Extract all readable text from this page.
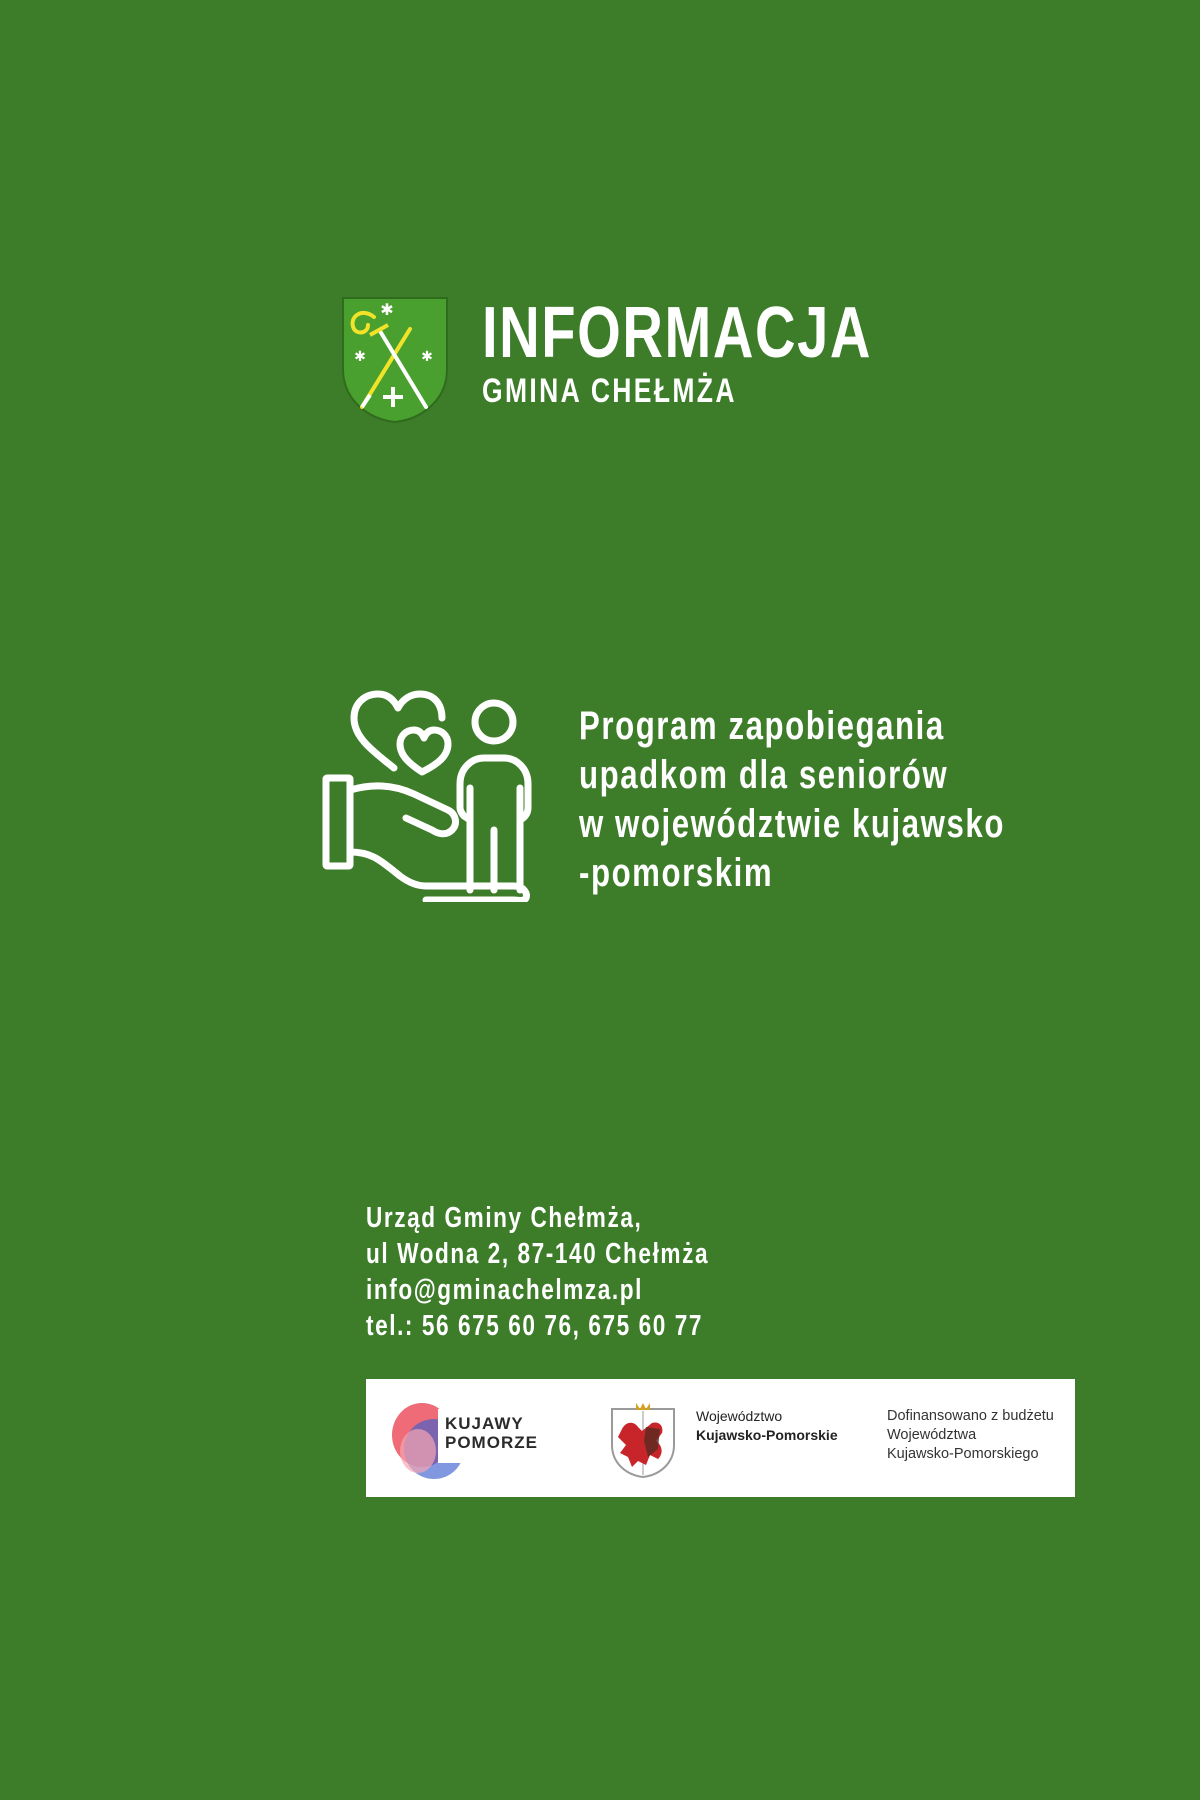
✱
✱	✱ INFORMACJA
GMINA CHEŁMŻA
Program zapobiegania
upadkom dla seniorów
w województwie kujawsko
-pomorskim
Urząd Gminy Chełmża,
ul Wodna 2, 87-140 Chełmża
info@gminachelmza.pl
tel.: 56 675 60 76, 675 60 77
KUJAWY
POMORZE
Województwo
Kujawsko-Pomorskie
Dofinansowano z budżetu
Województwa
Kujawsko-Pomorskiego
